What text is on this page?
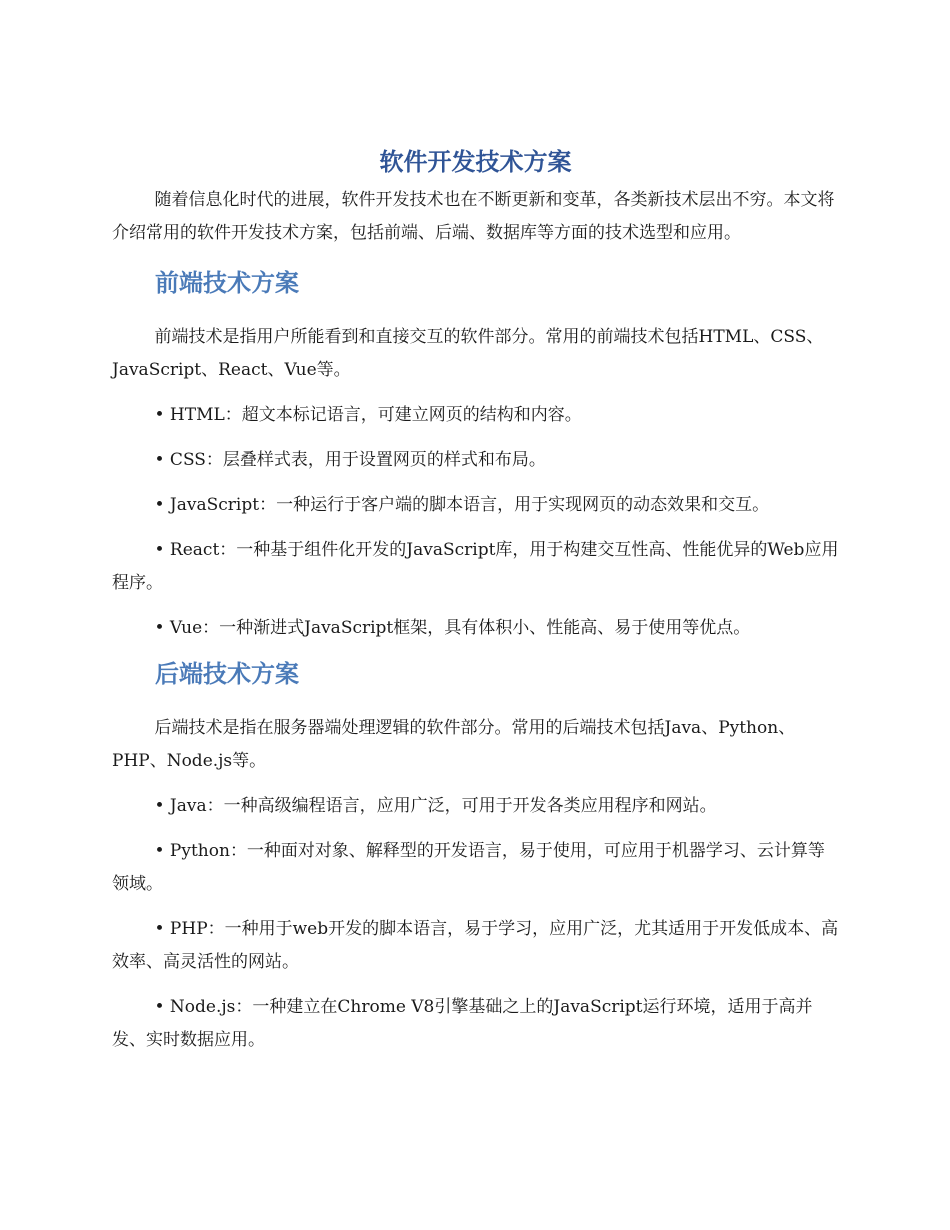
软件开发技术方案

随着信息化时代的进展，软件开发技术也在不断更新和变革，各类新技术层出不穷。本文将介绍常用的软件开发技术方案，包括前端、后端、数据库等方面的技术选型和应用。

前端技术方案

前端技术是指用户所能看到和直接交互的软件部分。常用的前端技术包括HTML、CSS、JavaScript、React、Vue等。

• HTML：超文本标记语言，可建立网页的结构和内容。

• CSS：层叠样式表，用于设置网页的样式和布局。

• JavaScript：一种运行于客户端的脚本语言，用于实现网页的动态效果和交互。

• React：一种基于组件化开发的JavaScript库，用于构建交互性高、性能优异的Web应用程序。

• Vue：一种渐进式JavaScript框架，具有体积小、性能高、易于使用等优点。

后端技术方案

后端技术是指在服务器端处理逻辑的软件部分。常用的后端技术包括Java、Python、PHP、Node.js等。

• Java：一种高级编程语言，应用广泛，可用于开发各类应用程序和网站。

• Python：一种面对对象、解释型的开发语言，易于使用，可应用于机器学习、云计算等领域。

• PHP：一种用于web开发的脚本语言，易于学习，应用广泛，尤其适用于开发低成本、高效率、高灵活性的网站。

• Node.js：一种建立在Chrome V8引擎基础之上的JavaScript运行环境，适用于高并发、实时数据应用。
